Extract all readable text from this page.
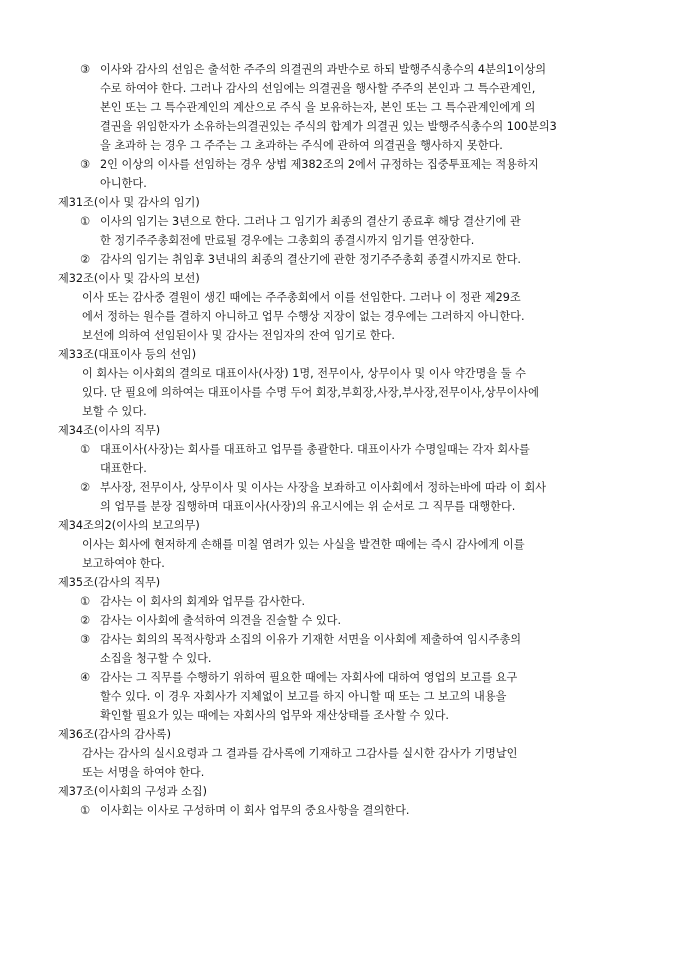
③ 이사와 감사의 선임은 출석한 주주의 의결권의 과반수로 하되 발행주식총수의 4분의1이상의
수로 하여야 한다. 그러나 감사의 선임에는 의결권을 행사할 주주의 본인과 그 특수관계인,
본인 또는 그 특수관계인의 계산으로 주식 을 보유하는자, 본인 또는 그 특수관계인에게 의
결권을 위임한자가 소유하는의결권있는 주식의 합계가 의결권 있는 발행주식총수의 100분의3
을 초과하 는 경우 그 주주는 그 초과하는 주식에 관하여 의결권을 행사하지 못한다.
③ 2인 이상의 이사를 선임하는 경우 상법 제382조의 2에서 규정하는 집중투표제는 적용하지
아니한다.
제31조(이사 및 감사의 임기)
① 이사의 임기는 3년으로 한다. 그러나 그 임기가 최종의 결산기 종료후 해당 결산기에 관
한 정기주주총회전에 만료될 경우에는 그총회의 종결시까지 임기를 연장한다.
② 감사의 임기는 취임후 3년내의 최종의 결산기에 관한 정기주주총회 종결시까지로 한다.
제32조(이사 및 감사의 보선)
이사 또는 감사중 결원이 생긴 때에는 주주총회에서 이를 선임한다. 그러나 이 정관 제29조
에서 정하는 원수를 결하지 아니하고 업무 수행상 지장이 없는 경우에는 그러하지 아니한다.
보선에 의하여 선임된이사 및 감사는 전임자의 잔여 임기로 한다.
제33조(대표이사 등의 선임)
이 회사는 이사회의 결의로 대표이사(사장) 1명, 전무이사, 상무이사 및 이사 약간명을 둘 수
있다. 단 필요에 의하여는 대표이사를 수명 두어 회장,부회장,사장,부사장,전무이사,상무이사에
보할 수 있다.
제34조(이사의 직무)
① 대표이사(사장)는 회사를 대표하고 업무를 총괄한다. 대표이사가 수명일때는 각자 회사를
대표한다.
② 부사장, 전무이사, 상무이사 및 이사는 사장을 보좌하고 이사회에서 정하는바에 따라 이 회사
의 업무를 분장 집행하며 대표이사(사장)의 유고시에는 위 순서로 그 직무를 대행한다.
제34조의2(이사의 보고의무)
이사는 회사에 현저하게 손해를 미칠 염려가 있는 사실을 발견한 때에는 즉시 감사에게 이를
보고하여야 한다.
제35조(감사의 직무)
① 감사는 이 회사의 회계와 업무를 감사한다.
② 감사는 이사회에 출석하여 의견을 진술할 수 있다.
③ 감사는 회의의 목적사항과 소집의 이유가 기재한 서면을 이사회에 제출하여 임시주총의
소집을 청구할 수 있다.
④ 감사는 그 직무를 수행하기 위하여 필요한 때에는 자회사에 대하여 영업의 보고를 요구
할수 있다. 이 경우 자회사가 지체없이 보고를 하지 아니할 때 또는 그 보고의 내용을
확인할 필요가 있는 때에는 자회사의 업무와 재산상태를 조사할 수 있다.
제36조(감사의 감사록)
감사는 감사의 실시요령과 그 결과를 감사록에 기재하고 그감사를 실시한 감사가 기명날인
또는 서명을 하여야 한다.
제37조(이사회의 구성과 소집)
① 이사회는 이사로 구성하며 이 회사 업무의 중요사항을 결의한다.
